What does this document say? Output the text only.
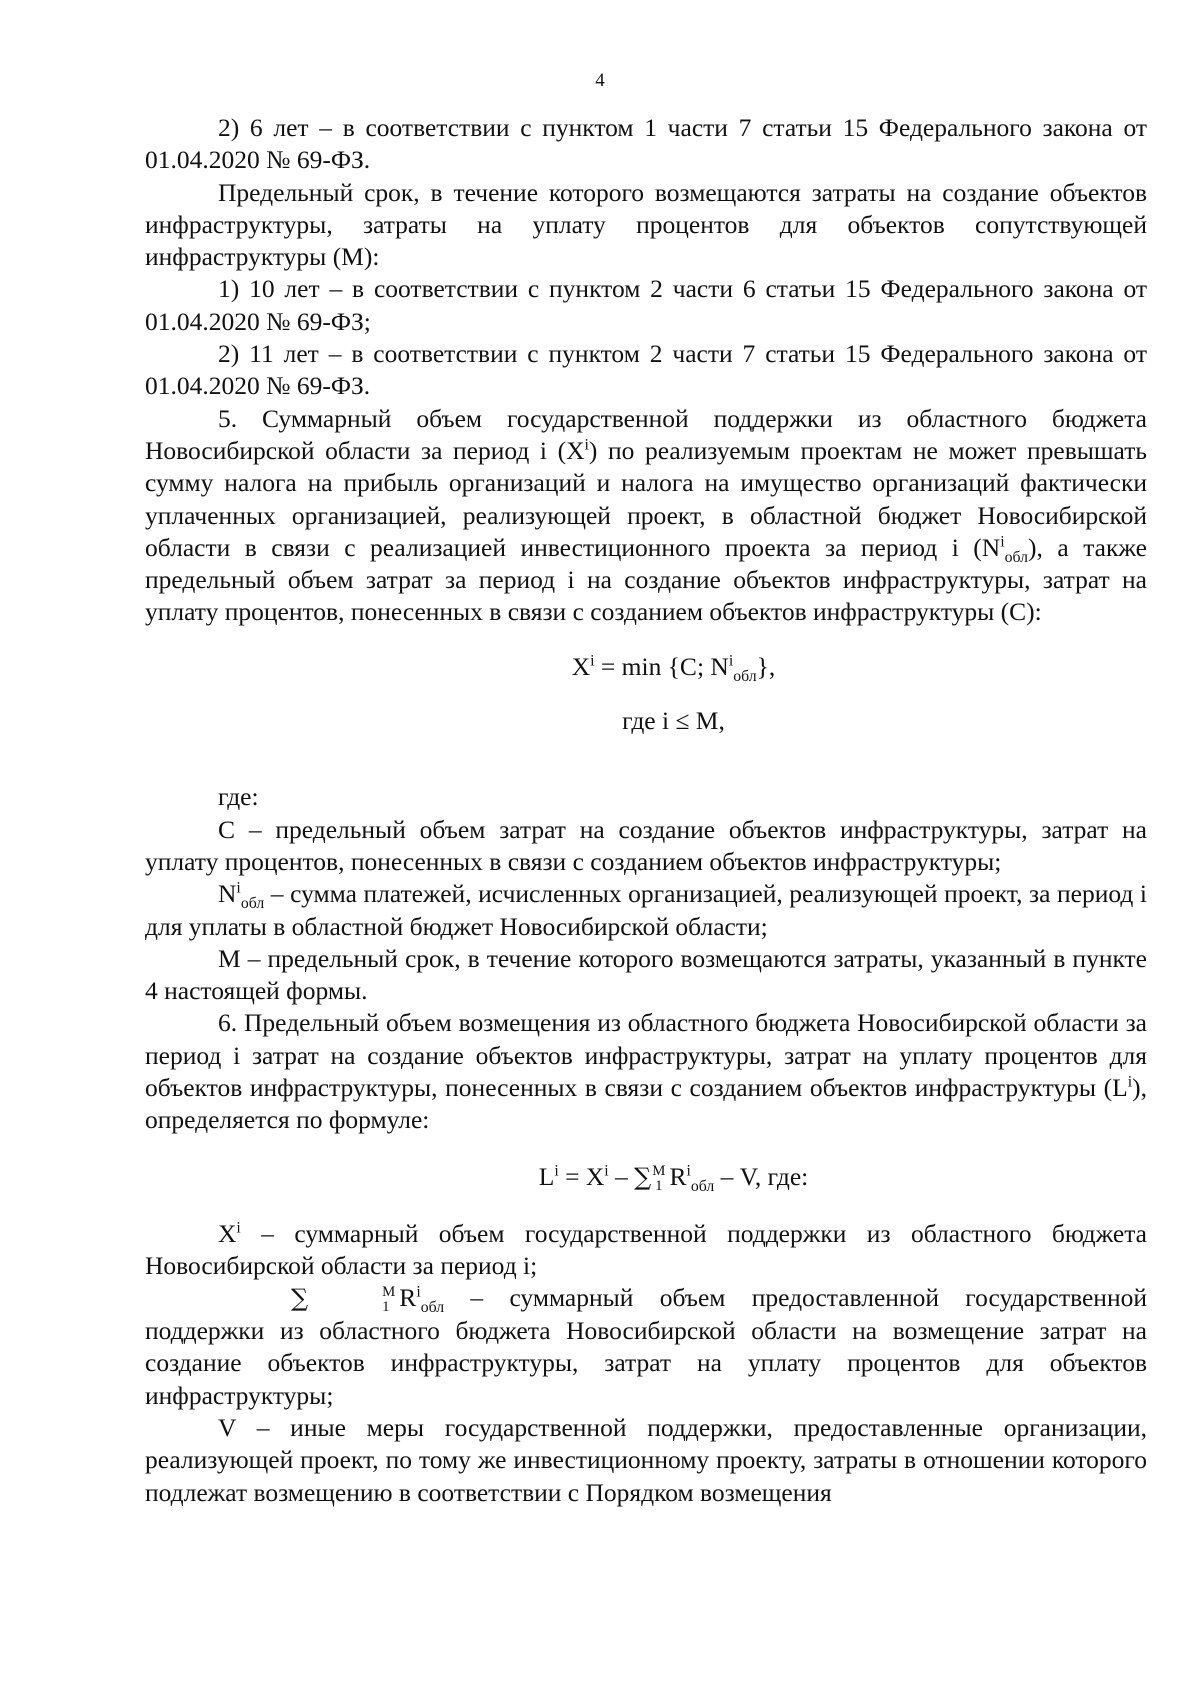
4

2) 6 лет – в соответствии с пунктом 1 части 7 статьи 15 Федерального закона от 01.04.2020 № 69-ФЗ.

Предельный срок, в течение которого возмещаются затраты на создание объектов инфраструктуры, затраты на уплату процентов для объектов сопутствующей инфраструктуры (M):

1) 10 лет – в соответствии с пунктом 2 части 6 статьи 15 Федерального закона от 01.04.2020 № 69-ФЗ;

2) 11 лет – в соответствии с пунктом 2 части 7 статьи 15 Федерального закона от 01.04.2020 № 69-ФЗ.

5. Суммарный объем государственной поддержки из областного бюджета Новосибирской области за период i $(X^i)$ по реализуемым проектам не может превышать сумму налога на прибыль организаций и налога на имущество организаций фактически уплаченных организацией, реализующей проект, в областной бюджет Новосибирской области в связи с реализацией инвестиционного проекта за период i $(N^i_{обл})$, а также предельный объем затрат за период i на создание объектов инфраструктуры, затрат на уплату процентов, понесенных в связи с созданием объектов инфраструктуры (C):

$X^i = \min \{C$; $N^i_{обл}$},

где i ≤ M,

где:

C – предельный объем затрат на создание объектов инфраструктуры, затрат на уплату процентов, понесенных в связи с созданием объектов инфраструктуры;

$N^i_{обл}$ – сумма платежей, исчисленных организацией, реализующей проект, за период i для уплаты в областной бюджет Новосибирской области;

M – предельный срок, в течение которого возмещаются затраты, указанный в пункте 4 настоящей формы.

6. Предельный объем возмещения из областного бюджета Новосибирской области за период i затрат на создание объектов инфраструктуры, затрат на уплату процентов для объектов инфраструктуры, понесенных в связи с созданием объектов инфраструктуры $(L^i)$, определяется по формуле:

$L^i = X^i$ – ∑ M
1 $R^i_{обл}$ – V, где:

$X^i$ – суммарный объем государственной поддержки из областного бюджета Новосибирской области за период i;

∑	M
1 $R^i_{обл}$ – суммарный объем предоставленной государственной поддержки из областного бюджета Новосибирской области на возмещение затрат на создание объектов инфраструктуры, затрат на уплату процентов для объектов инфраструктуры;

V – иные меры государственной поддержки, предоставленные организации, реализующей проект, по тому же инвестиционному проекту, затраты в отношении которого подлежат возмещению в соответствии с Порядком возмещения
